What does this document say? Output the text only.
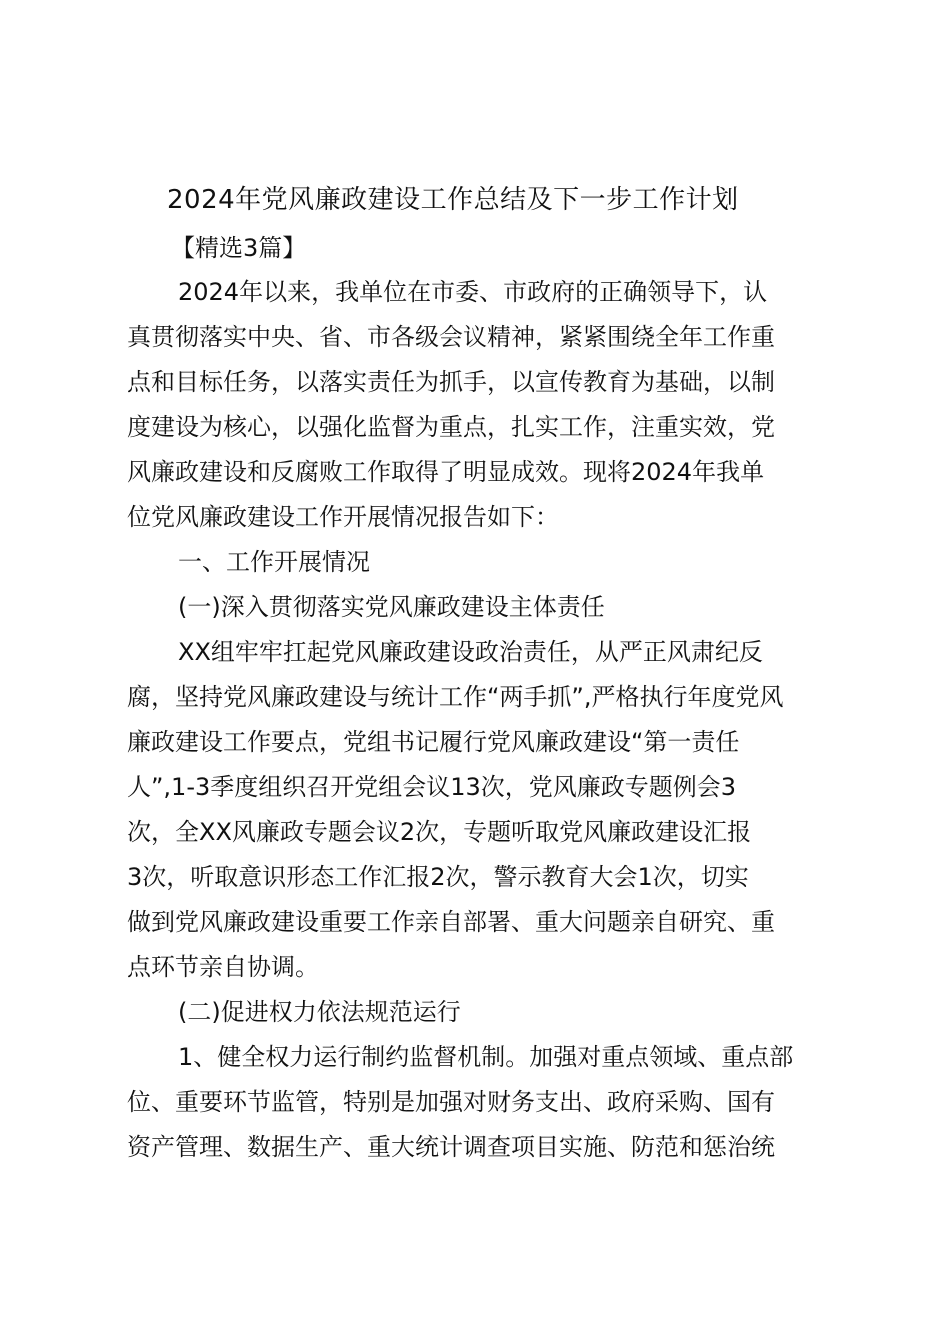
2024年党风廉政建设工作总结及下一步工作计划
【精选3篇】
2024年以来，我单位在市委、市政府的正确领导下，认
真贯彻落实中央、省、市各级会议精神，紧紧围绕全年工作重
点和目标任务，以落实责任为抓手，以宣传教育为基础，以制
度建设为核心，以强化监督为重点，扎实工作，注重实效，党
风廉政建设和反腐败工作取得了明显成效。现将2024年我单
位党风廉政建设工作开展情况报告如下：
一、工作开展情况
(一)深入贯彻落实党风廉政建设主体责任
XX组牢牢扛起党风廉政建设政治责任，从严正风肃纪反
腐，坚持党风廉政建设与统计工作“两手抓”,严格执行年度党风
廉政建设工作要点，党组书记履行党风廉政建设“第一责任
人”,1-3季度组织召开党组会议13次，党风廉政专题例会3
次，全XX风廉政专题会议2次，专题听取党风廉政建设汇报
3次，听取意识形态工作汇报2次，警示教育大会1次，切实
做到党风廉政建设重要工作亲自部署、重大问题亲自研究、重
点环节亲自协调。
(二)促进权力依法规范运行
1、健全权力运行制约监督机制。加强对重点领域、重点部
位、重要环节监管，特别是加强对财务支出、政府采购、国有
资产管理、数据生产、重大统计调查项目实施、防范和惩治统
